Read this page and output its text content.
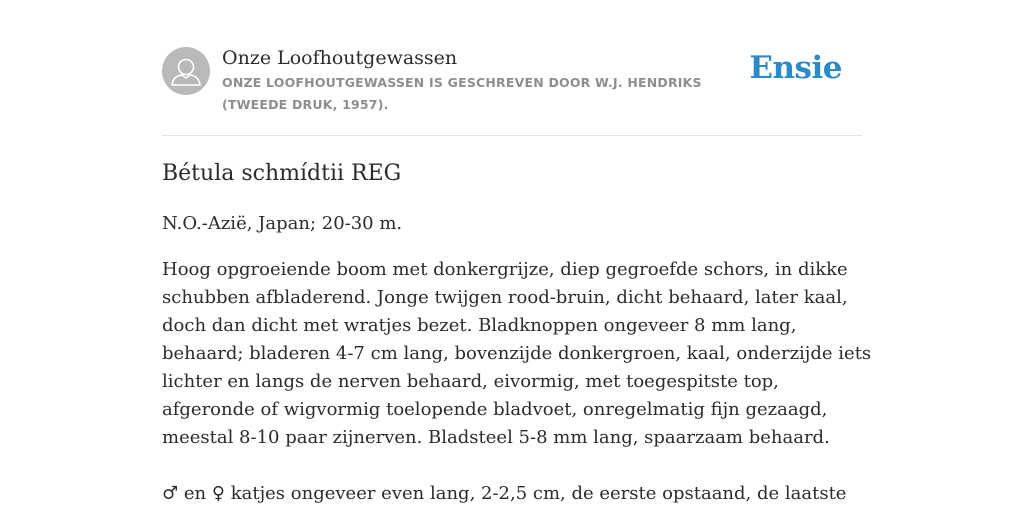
Onze Loofhoutgewassen
ONZE LOOFHOUTGEWASSEN IS GESCHREVEN DOOR W.J. HENDRIKS (TWEEDE DRUK, 1957).
Ensie
Bétula schmídtii REG

N.O.-Azië, Japan; 20-30 m.

Hoog opgroeiende boom met donkergrijze, diep gegroefde schors, in dikke schubben afbladerend. Jonge twijgen rood-bruin, dicht behaard, later kaal, doch dan dicht met wratjes bezet. Bladknoppen ongeveer 8 mm lang, behaard; bladeren 4-7 cm lang, bovenzijde donkergroen, kaal, onderzijde iets lichter en langs de nerven behaard, eivormig, met toegespitste top, afgeronde of wigvormig toelopende bladvoet, onregelmatig fijn gezaagd, meestal 8-10 paar zijnerven. Bladsteel 5-8 mm lang, spaarzaam behaard.

♂ en ♀ katjes ongeveer even lang, 2-2,5 cm, de eerste opstaand, de laatste
